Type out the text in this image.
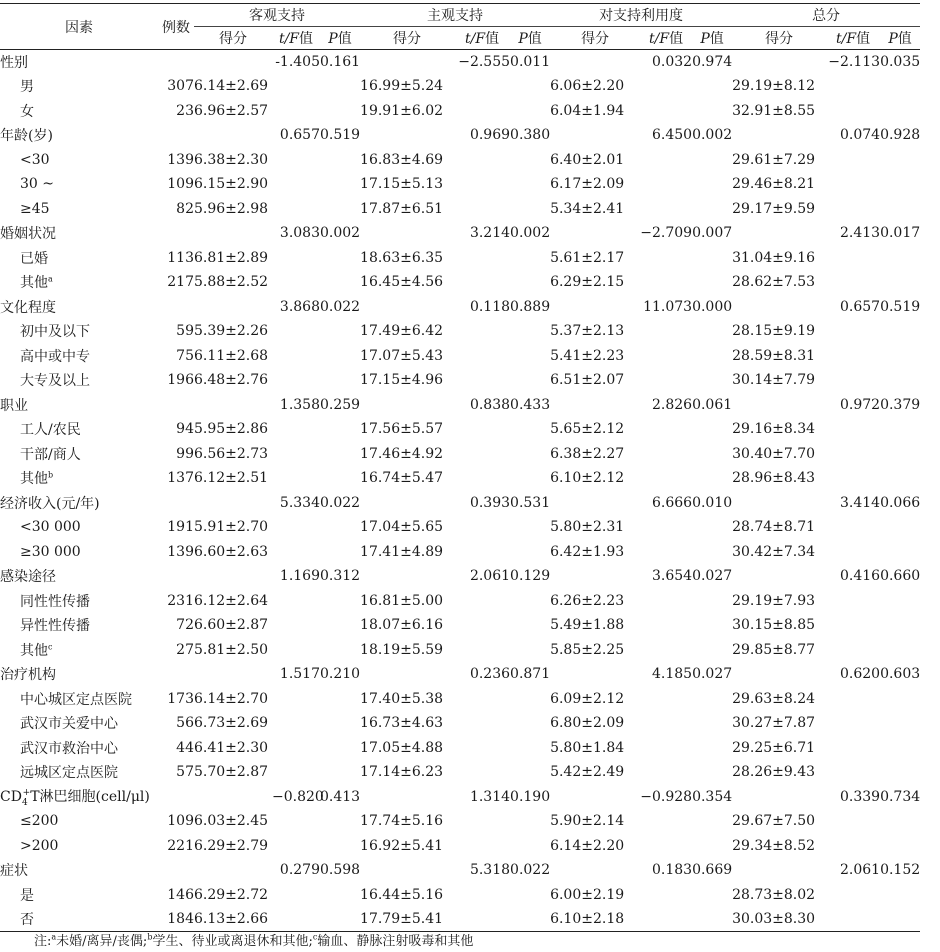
因素	例数	客观支持			主观支持			对支持利用度			总分		
		得分	t/F值	P值	得分	t/F值	P值	得分	t/F值	P值	得分	t/F值	P值
性别			-1.405	0.161		−2.555	0.011		0.032	0.974		−2.113	0.035
男	307	6.14±2.69			16.99±5.24			6.06±2.20			29.19±8.12		
女	23	6.96±2.57			19.91±6.02			6.04±1.94			32.91±8.55		
年龄(岁)			0.657	0.519		0.969	0.380		6.450	0.002		0.074	0.928
<30	139	6.38±2.30			16.83±4.69			6.40±2.01			29.61±7.29		
30 ~	109	6.15±2.90			17.15±5.13			6.17±2.09			29.46±8.21		
≥45	82	5.96±2.98			17.87±6.51			5.34±2.41			29.17±9.59		
婚姻状况			3.083	0.002		3.214	0.002		−2.709	0.007		2.413	0.017
已婚	113	6.81±2.89			18.63±6.35			5.61±2.17			31.04±9.16		
其他$^a$	217	5.88±2.52			16.45±4.56			6.29±2.15			28.62±7.53		
文化程度			3.868	0.022		0.118	0.889		11.073	0.000		0.657	0.519
初中及以下	59	5.39±2.26			17.49±6.42			5.37±2.13			28.15±9.19		
高中或中专	75	6.11±2.68			17.07±5.43			5.41±2.23			28.59±8.31		
大专及以上	196	6.48±2.76			17.15±4.96			6.51±2.07			30.14±7.79		
职业			1.358	0.259		0.838	0.433		2.826	0.061		0.972	0.379
工人/农民	94	5.95±2.86			17.56±5.57			5.65±2.12			29.16±8.34		
干部/商人	99	6.56±2.73			17.46±4.92			6.38±2.27			30.40±7.70		
其他$^b$	137	6.12±2.51			16.74±5.47			6.10±2.12			28.96±8.43		
经济收入(元/年)			5.334	0.022		0.393	0.531		6.666	0.010		3.414	0.066
<30 000	191	5.91±2.70			17.04±5.65			5.80±2.31			28.74±8.71		
≥30 000	139	6.60±2.63			17.41±4.89			6.42±1.93			30.42±7.34		
感染途径			1.169	0.312		2.061	0.129		3.654	0.027		0.416	0.660
同性性传播	231	6.12±2.64			16.81±5.00			6.26±2.23			29.19±7.93		
异性性传播	72	6.60±2.87			18.07±6.16			5.49±1.88			30.15±8.85		
其他$^c$	27	5.81±2.50			18.19±5.59			5.85±2.25			29.85±8.77		
治疗机构			1.517	0.210		0.236	0.871		4.185	0.027		0.620	0.603
中心城区定点医院	173	6.14±2.70			17.40±5.38			6.09±2.12			29.63±8.24		
武汉市关爱中心	56	6.73±2.69			16.73±4.63			6.80±2.09			30.27±7.87		
武汉市救治中心	44	6.41±2.30			17.05±4.88			5.80±1.84			29.25±6.71		
远城区定点医院	57	5.70±2.87			17.14±6.23			5.42±2.49			28.26±9.43		
$CD_4^+T$淋巴细胞(cell/μl)			−0.820	0.413		1.314	0.190		−0.928	0.354		0.339	0.734
≤200	109	6.03±2.45			17.74±5.16			5.90±2.14			29.67±7.50		
>200	221	6.29±2.79			16.92±5.41			6.14±2.20			29.34±8.52		
症状			0.279	0.598		5.318	0.022		0.183	0.669		2.061	0.152
是	146	6.29±2.72			16.44±5.16			6.00±2.19			28.73±8.02		
否	184	6.13±2.66			17.79±5.41			6.10±2.18			30.03±8.30		
注:$^a$未婚/离异/丧偶;$^b$学生、待业或离退休和其他;$^c$输血、静脉注射吸毒和其他
